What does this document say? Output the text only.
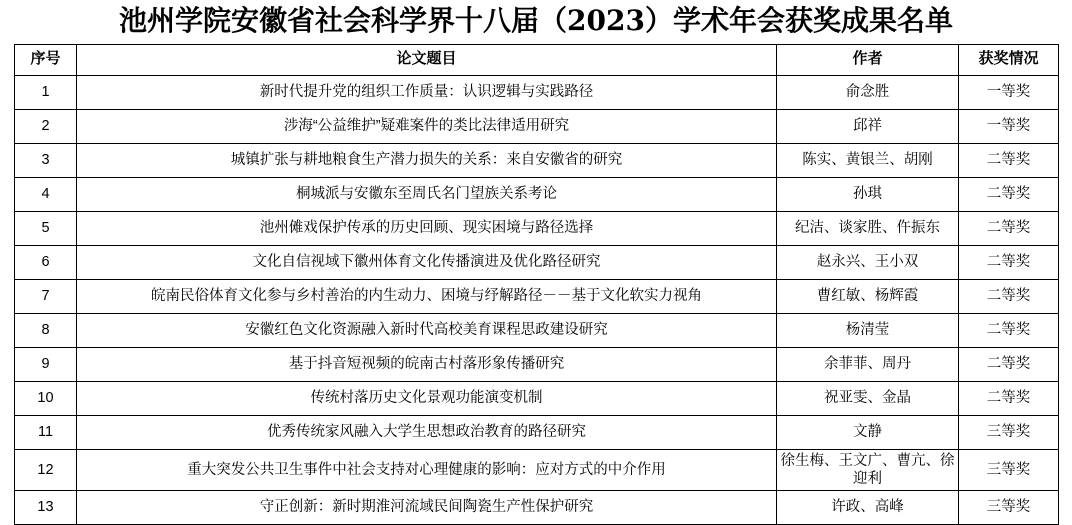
池州学院安徽省社会科学界十八届（2023）学术年会获奖成果名单
序号	论文题目	作者	获奖情况
1	新时代提升党的组织工作质量：认识逻辑与实践路径	俞念胜	一等奖
2	涉海“公益维护”疑难案件的类比法律适用研究	邱祥	一等奖
3	城镇扩张与耕地粮食生产潜力损失的关系：来自安徽省的研究	陈实、黄银兰、胡刚	二等奖
4	桐城派与安徽东至周氏名门望族关系考论	孙琪	二等奖
5	池州傩戏保护传承的历史回顾、现实困境与路径选择	纪洁、谈家胜、仵振东	二等奖
6	文化自信视域下徽州体育文化传播演进及优化路径研究	赵永兴、王小双	二等奖
7	皖南民俗体育文化参与乡村善治的内生动力、困境与纾解路径－－基于文化软实力视角	曹红敏、杨辉霞	二等奖
8	安徽红色文化资源融入新时代高校美育课程思政建设研究	杨清莹	二等奖
9	基于抖音短视频的皖南古村落形象传播研究	余菲菲、周丹	二等奖
10	传统村落历史文化景观功能演变机制	祝亚雯、金晶	二等奖
11	优秀传统家风融入大学生思想政治教育的路径研究	文静	三等奖
12	重大突发公共卫生事件中社会支持对心理健康的影响：应对方式的中介作用	徐生梅、王文广、曹亢、徐迎利	三等奖
13	守正创新：新时期淮河流域民间陶瓷生产性保护研究	许政、高峰	三等奖
